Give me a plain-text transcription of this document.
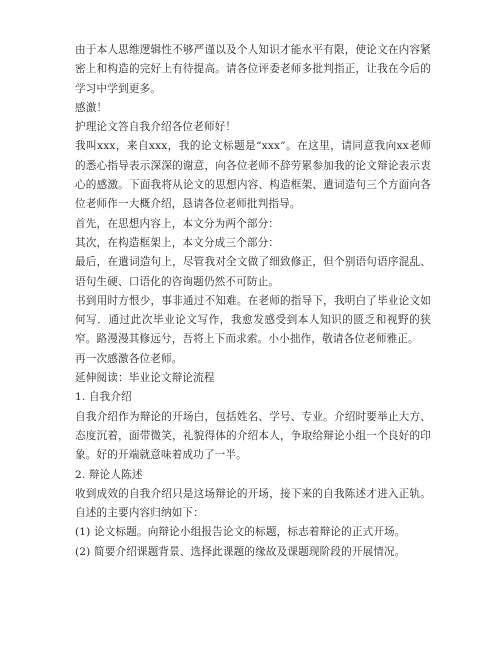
由于本人思维逻辑性不够严谨以及个人知识才能水平有限，使论文在内容紧密上和构造的完好上有待提高。请各位评委老师多批判指正，让我在今后的学习中学到更多。

感激！

护理论文答自我介绍各位老师好！

我叫xxx，来自xxx，我的论文标题是“xxx”。在这里，请同意我向xx老师的悉心指导表示深深的谢意，向各位老师不辞劳累参加我的论文辩论表示衷心的感激。下面我将从论文的思想内容、构造框架、遣词造句三个方面向各位老师作一大概介绍，恳请各位老师批判指导。

首先，在思想内容上，本文分为两个部分：

其次，在构造框架上，本文分成三个部分：

最后，在遣词造句上，尽管我对全文做了细致修正，但个别语句语序混乱、语句生硬、口语化的咨询题仍然不可防止。

书到用时方恨少，事非通过不知难。在老师的指导下，我明白了毕业论文如何写．通过此次毕业论文写作，我愈发感受到本人知识的匮乏和视野的狭窄。路漫漫其修远兮，吾将上下而求索。小小拙作，敬请各位老师雅正。

再一次感激各位老师。

延伸阅读：毕业论文辩论流程

1. 自我介绍

自我介绍作为辩论的开场白，包括姓名、学号、专业。介绍时要举止大方、态度沉着，面带微笑，礼貌得体的介绍本人，争取给辩论小组一个良好的印象。好的开端就意味着成功了一半。

2. 辩论人陈述

收到成效的自我介绍只是这场辩论的开场，接下来的自我陈述才进入正轨。自述的主要内容归纳如下：

(1) 论文标题。向辩论小组报告论文的标题，标志着辩论的正式开场。

(2) 简要介绍课题背景、选择此课题的缘故及课题现阶段的开展情况。
